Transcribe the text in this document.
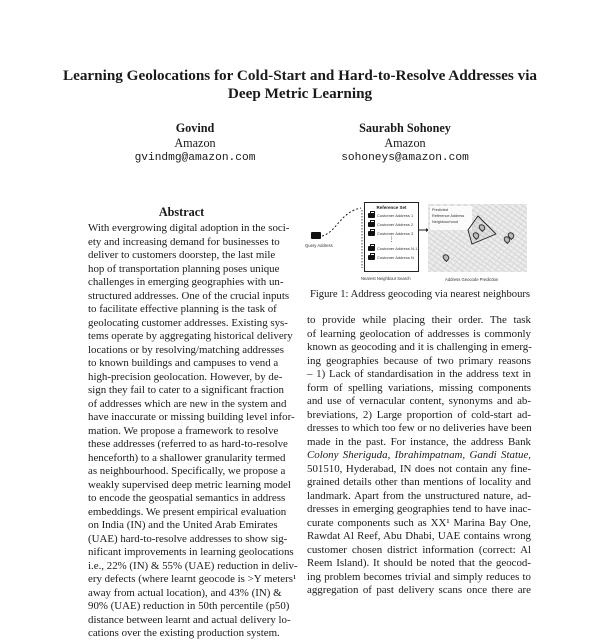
Learning Geolocations for Cold-Start and Hard-to-Resolve Addresses via
Deep Metric Learning
Govind
Amazon
gvindmg@amazon.com
Saurabh Sohoney
Amazon
sohoneys@amazon.com
Abstract
With evergrowing digital adoption in the soci-
ety and increasing demand for businesses to
deliver to customers doorstep, the last mile
hop of transportation planning poses unique
challenges in emerging geographies with un-
structured addresses. One of the crucial inputs
to facilitate effective planning is the task of
geolocating customer addresses. Existing sys-
tems operate by aggregating historical delivery
locations or by resolving/matching addresses
to known buildings and campuses to vend a
high-precision geolocation. However, by de-
sign they fail to cater to a significant fraction
of addresses which are new in the system and
have inaccurate or missing building level infor-
mation. We propose a framework to resolve
these addresses (referred to as hard-to-resolve
henceforth) to a shallower granularity termed
as neighbourhood. Specifically, we propose a
weakly supervised deep metric learning model
to encode the geospatial semantics in address
embeddings. We present empirical evaluation
on India (IN) and the United Arab Emirates
(UAE) hard-to-resolve addresses to show sig-
nificant improvements in learning geolocations
i.e., 22% (IN) & 55% (UAE) reduction in deliv-
ery defects (where learnt geocode is >Y meters¹
away from actual location), and 43% (IN) &
90% (UAE) reduction in 50th percentile (p50)
distance between learnt and actual delivery lo-
cations over the existing production system.
Query Address
Reference Set
Customer Address 1
Customer Address 2
Customer Address 3
⋮
Customer Address N-1
Customer Address N
Nearest Neighbour Search
Predicted
Reference Address
Neighbourhood
Address Geocode Prediction
Figure 1: Address geocoding via nearest neighbours
to provide while placing their order. The task
of learning geolocation of addresses is commonly
known as geocoding and it is challenging in emerg-
ing geographies because of two primary reasons
– 1) Lack of standardisation in the address text in
form of spelling variations, missing components
and use of vernacular content, synonyms and ab-
breviations, 2) Large proportion of cold-start ad-
dresses to which too few or no deliveries have been
made in the past. For instance, the address Bank
Colony Sheriguda, Ibrahimpatnam, Gandi Statue,
501510, Hyderabad, IN does not contain any fine-
grained details other than mentions of locality and
landmark. Apart from the unstructured nature, ad-
dresses in emerging geographies tend to have inac-
curate components such as XX¹ Marina Bay One,
Rawdat Al Reef, Abu Dhabi, UAE contains wrong
customer chosen district information (correct: Al
Reem Island). It should be noted that the geocod-
ing problem becomes trivial and simply reduces to
aggregation of past delivery scans once there are
